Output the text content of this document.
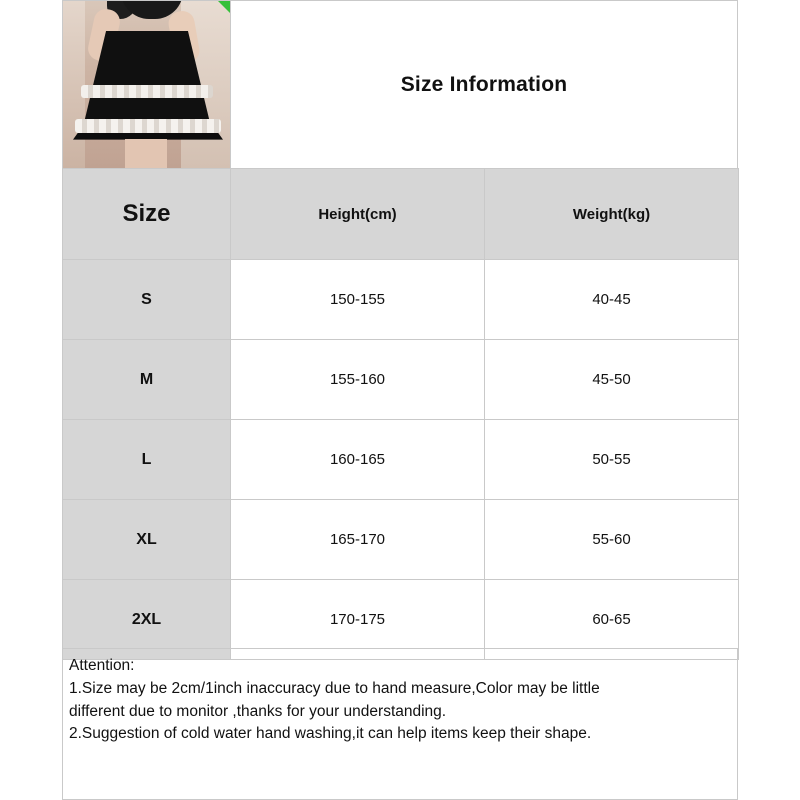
Size Information
Size	Height(cm)	Weight(kg)
S	150-155	40-45
M	155-160	45-50
L	160-165	50-55
XL	165-170	55-60
2XL	170-175	60-65

Attention:

1.Size may be 2cm/1inch inaccuracy due to hand measure,Color may be little

different due to monitor ,thanks for your understanding.

2.Suggestion of cold water hand washing,it can help items keep their shape.
